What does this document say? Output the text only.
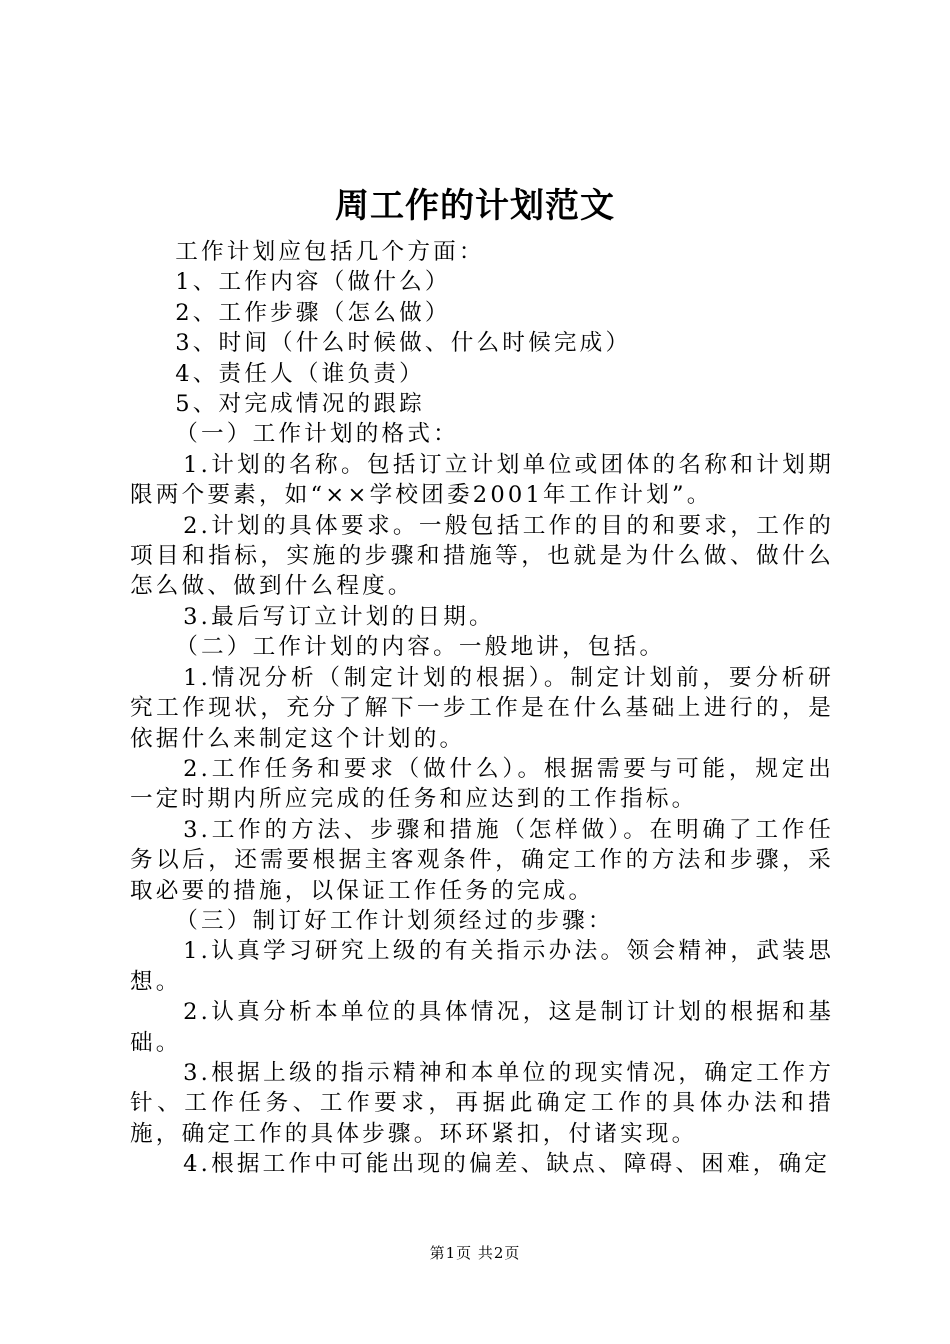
周工作的计划范文

工作计划应包括几个方面：

1、工作内容（做什么）

2、工作步骤（怎么做）

3、时间（什么时候做、什么时候完成）

4、责任人（谁负责）

5、对完成情况的跟踪

（一）工作计划的格式：

1.计划的名称。包括订立计划单位或团体的名称和计划期限两个要素，如“××学校团委2001年工作计划”。

2.计划的具体要求。一般包括工作的目的和要求，工作的项目和指标，实施的步骤和措施等，也就是为什么做、做什么怎么做、做到什么程度。

3.最后写订立计划的日期。

（二）工作计划的内容。一般地讲，包括。

1.情况分析（制定计划的根据）。制定计划前，要分析研究工作现状，充分了解下一步工作是在什么基础上进行的，是依据什么来制定这个计划的。

2.工作任务和要求（做什么）。根据需要与可能，规定出一定时期内所应完成的任务和应达到的工作指标。

3.工作的方法、步骤和措施（怎样做）。在明确了工作任务以后，还需要根据主客观条件，确定工作的方法和步骤，采取必要的措施，以保证工作任务的完成。

（三）制订好工作计划须经过的步骤：

1.认真学习研究上级的有关指示办法。领会精神，武装思想。

2.认真分析本单位的具体情况，这是制订计划的根据和基础。

3.根据上级的指示精神和本单位的现实情况，确定工作方针、工作任务、工作要求，再据此确定工作的具体办法和措施，确定工作的具体步骤。环环紧扣，付诸实现。

4.根据工作中可能出现的偏差、缺点、障碍、困难，确定

第1页 共2页
